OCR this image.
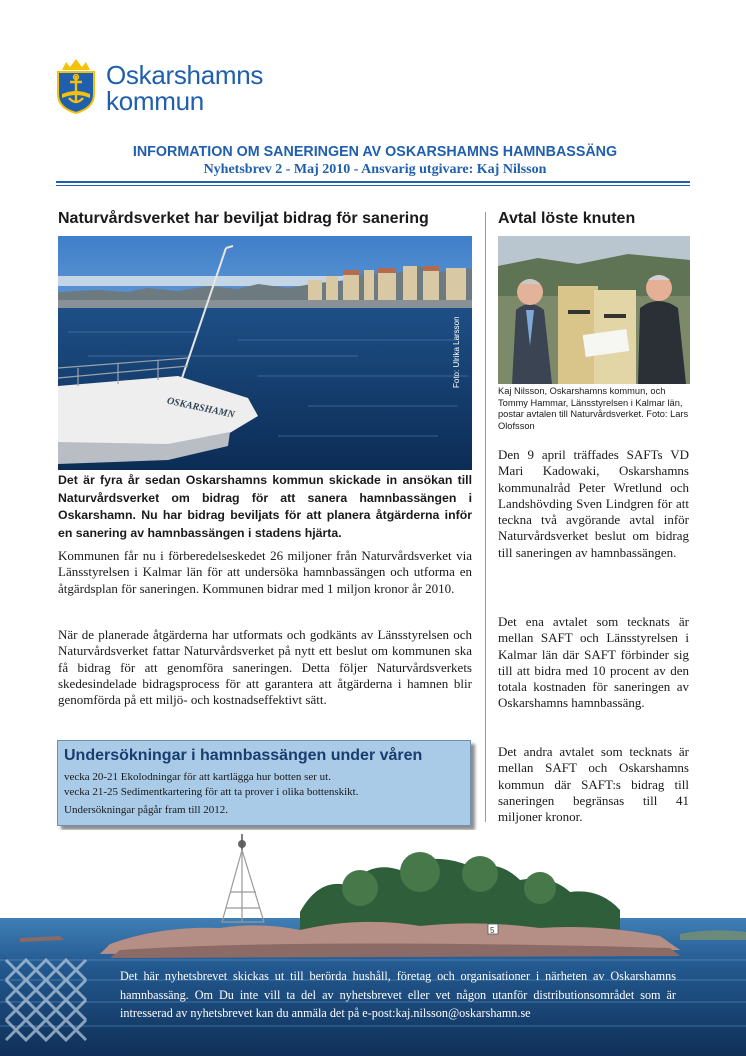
Oskarshamns
kommun
INFORMATION OM SANERINGEN AV OSKARSHAMNS HAMNBASSÄNG
Nyhetsbrev 2 - Maj 2010 - Ansvarig utgivare: Kaj Nilsson
Naturvårdsverket har beviljat bidrag för sanering
OSKARSHAMN
Foto: Ulrika Larsson
Det är fyra år sedan Oskarshamns kommun skickade in ansökan till Naturvårdsverket om bidrag för att sanera hamnbassängen i Oskarshamn. Nu har bidrag beviljats för att planera åtgärderna inför en sanering av hamnbassängen i stadens hjärta.

Kommunen får nu i förberedelseskedet 26 miljoner från Naturvårdsverket via Länsstyrelsen i Kalmar län för att undersöka hamnbassängen och utforma en åtgärdsplan för saneringen. Kommunen bidrar med 1 miljon kronor år 2010.

När de planerade åtgärderna har utformats och godkänts av Länsstyrelsen och Naturvårdsverket fattar Naturvårdsverket på nytt ett beslut om kommunen ska få bidrag för att genomföra saneringen. Detta följer Naturvårdsverkets skedesindelade bidragsprocess för att garantera att åtgärderna i hamnen blir genomförda på ett miljö- och kostnadseffektivt sätt.

Undersökningar i hamnbassängen under våren
vecka 20-21 Ekolodningar för att kartlägga hur botten ser ut.
vecka 21-25 Sedimentkartering för att ta prover i olika bottenskikt.
Undersökningar pågår fram till 2012.
Avtal löste knuten
Kaj Nilsson, Oskarshamns kommun, och Tommy Hammar, Länsstyrelsen i Kalmar län, postar avtalen till Naturvårdsverket. Foto: Lars Olofsson

Den 9 april träffades SAFTs VD Mari Kadowaki, Oskarshamns kommunalråd Peter Wretlund och Landshövding Sven Lindgren för att teckna två avgörande avtal inför Naturvårdsverket beslut om bidrag till saneringen av hamnbassängen.

Det ena avtalet som tecknats är mellan SAFT och Länsstyrelsen i Kalmar län där SAFT förbinder sig till att bidra med 10 procent av den totala kostnaden för saneringen av Oskarshamns hamnbassäng.

Det andra avtalet som tecknats är mellan SAFT och Oskarshamns kommun där SAFT:s bidrag till saneringen begränsas till 41 miljoner kronor.

5
Det här nyhetsbrevet skickas ut till berörda hushåll, företag och organisationer i närheten av Oskarshamns hamnbassäng. Om Du inte vill ta del av nyhetsbrevet eller vet någon utanför distributionsområdet som är intresserad av nyhetsbrevet kan du anmäla det på e-post:kaj.nilsson@oskarshamn.se
